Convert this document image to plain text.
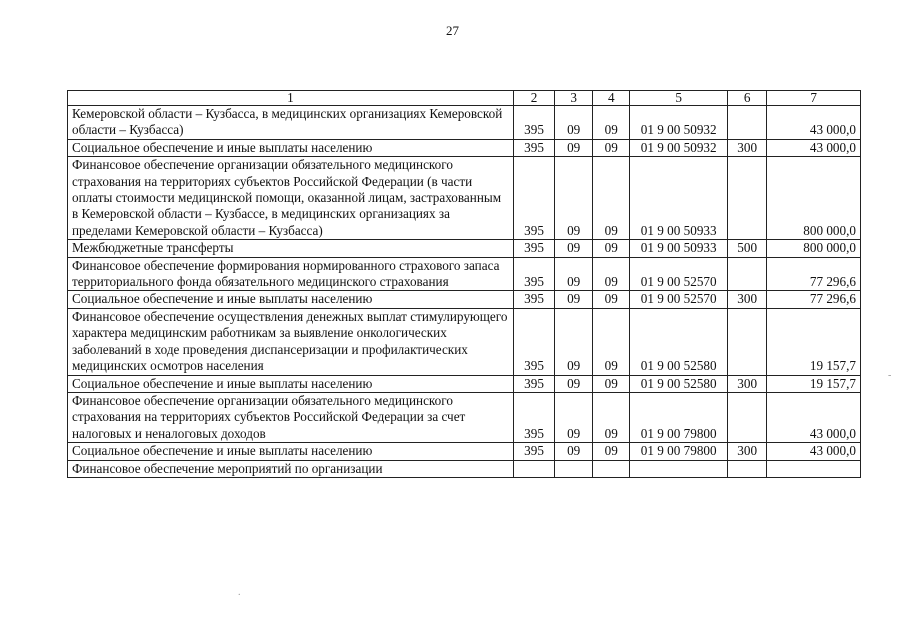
27
1	2	3	4	5	6	7
Кемеровской области – Кузбасса, в медицинских организациях Кемеровской области – Кузбасса)	395	09	09	01 9 00 50932		43 000,0
Социальное обеспечение и иные выплаты населению	395	09	09	01 9 00 50932	300	43 000,0
Финансовое обеспечение организации обязательного медицинского страхования на территориях субъектов Российской Федерации (в части оплаты стоимости медицинской помощи, оказанной лицам, застрахованным в Кемеровской области – Кузбассе, в медицинских организациях за пределами Кемеровской области – Кузбасса)	395	09	09	01 9 00 50933		800 000,0
Межбюджетные трансферты	395	09	09	01 9 00 50933	500	800 000,0
Финансовое обеспечение формирования нормированного страхового запаса территориального фонда обязательного медицинского страхования	395	09	09	01 9 00 52570		77 296,6
Социальное обеспечение и иные выплаты населению	395	09	09	01 9 00 52570	300	77 296,6
Финансовое обеспечение осуществления денежных выплат стимулирующего характера медицинским работникам за выявление онкологических заболеваний в ходе проведения диспансеризации и профилактических медицинских осмотров населения	395	09	09	01 9 00 52580		19 157,7
Социальное обеспечение и иные выплаты населению	395	09	09	01 9 00 52580	300	19 157,7
Финансовое обеспечение организации обязательного медицинского страхования на территориях субъектов Российской Федерации за счет налоговых и неналоговых доходов	395	09	09	01 9 00 79800		43 000,0
Социальное обеспечение и иные выплаты населению	395	09	09	01 9 00 79800	300	43 000,0
Финансовое обеспечение мероприятий по организации						
.
-
